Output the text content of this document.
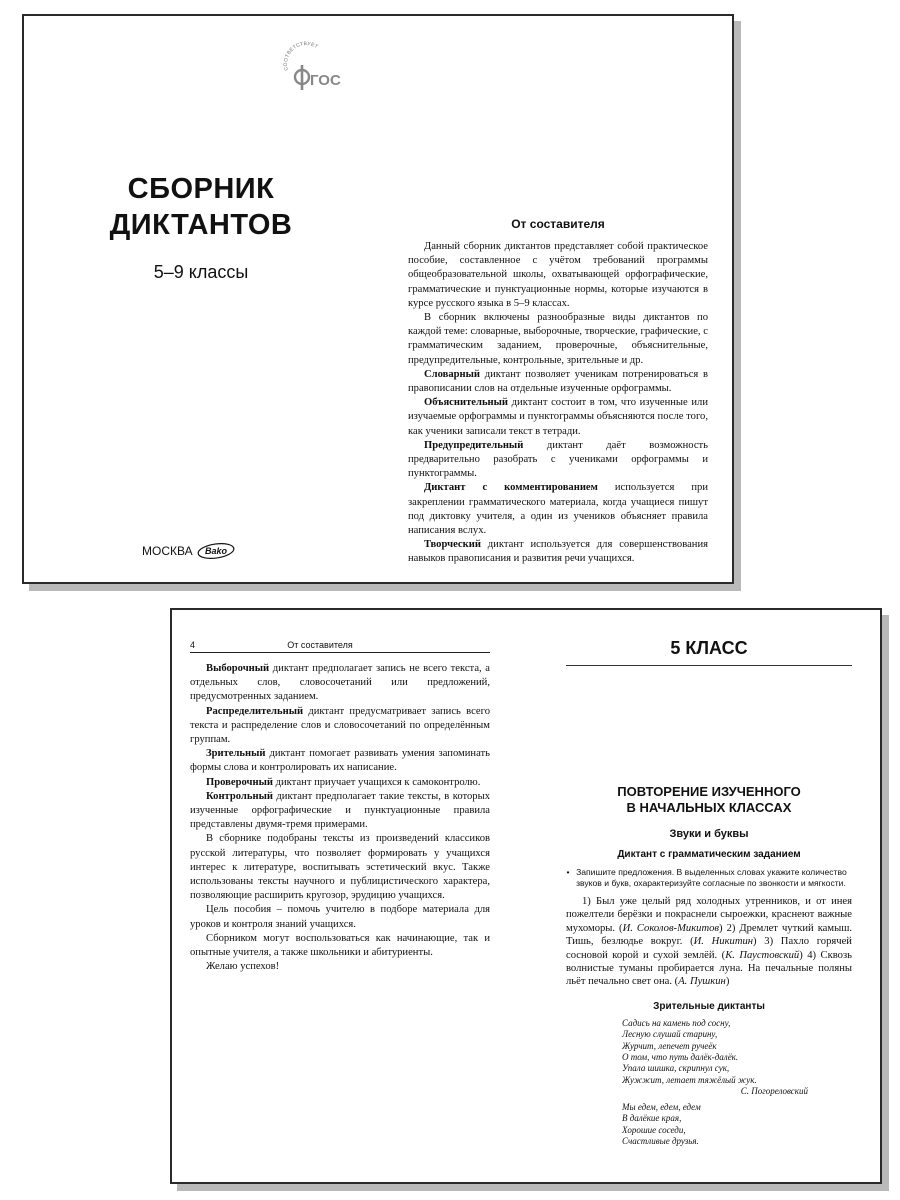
СООТВЕТСТВУЕТ
ГОС
СБОРНИК
ДИКТАНТОВ
5–9 классы
МОСКВА Bako
От составителя

Данный сборник диктантов представляет собой практическое пособие, составленное с учётом требований программы общеобразовательной школы, охватывающей орфографические, грамматические и пунктуационные нормы, которые изучаются в курсе русского языка в 5–9 классах.

В сборник включены разнообразные виды диктантов по каждой теме: словарные, выборочные, творческие, графические, с грамматическим заданием, проверочные, объяснительные, предупредительные, контрольные, зрительные и др.

Словарный диктант позволяет ученикам потренироваться в правописании слов на отдельные изученные орфограммы.

Объяснительный диктант состоит в том, что изученные или изучаемые орфограммы и пунктограммы объясняются после того, как ученики записали текст в тетради.

Предупредительный диктант даёт возможность предварительно разобрать с учениками орфограммы и пунктограммы.

Диктант с комментированием используется при закреплении грамматического материала, когда учащиеся пишут под диктовку учителя, а один из учеников объясняет правила написания вслух.

Творческий диктант используется для совершенствования навыков правописания и развития речи учащихся.

4	От составителя

Выборочный диктант предполагает запись не всего текста, а отдельных слов, словосочетаний или предложений, предусмотренных заданием.

Распределительный диктант предусматривает запись всего текста и распределение слов и словосочетаний по определённым группам.

Зрительный диктант помогает развивать умения запоминать формы слова и контролировать их написание.

Проверочный диктант приучает учащихся к самоконтролю.

Контрольный диктант предполагает такие тексты, в которых изученные орфографические и пунктуационные правила представлены двумя-тремя примерами.

В сборнике подобраны тексты из произведений классиков русской литературы, что позволяет формировать у учащихся интерес к литературе, воспитывать эстетический вкус. Также использованы тексты научного и публицистического характера, позволяющие расширить кругозор, эрудицию учащихся.

Цель пособия – помочь учителю в подборе материала для уроков и контроля знаний учащихся.

Сборником могут воспользоваться как начинающие, так и опытные учителя, а также школьники и абитуриенты.

Желаю успехов!

5 КЛАСС
ПОВТОРЕНИЕ ИЗУЧЕННОГО
В НАЧАЛЬНЫХ КЛАССАХ
Звуки и буквы
Диктант с грамматическим заданием
• Запишите предложения. В выделенных словах укажите количество звуков и букв, охарактеризуйте согласные по звонкости и мягкости.
1) Был уже целый ряд холодных утренников, и от инея пожелтели берёзки и покраснели сыроежки, краснеют важные мухоморы. (И. Соколов-Микитов) 2) Дремлет чуткий камыш. Тишь, безлюдье вокруг. (И. Никитин) 3) Пахло горячей сосновой корой и сухой землёй. (К. Паустовский) 4) Сквозь волнистые туманы пробирается луна. На печальные поляны льёт печально свет она. (А. Пушкин)
Зрительные диктанты
Садись на камень под сосну,
Лесную слушай старину,
Журчит, лепечет ручеёк
О том, что путь далёк-далёк.
Упала шишка, скрипнул сук,
Жужжит, летает тяжёлый жук.
С. Погореловский
Мы едем, едем, едем
В далёкие края,
Хорошие соседи,
Счастливые друзья.
